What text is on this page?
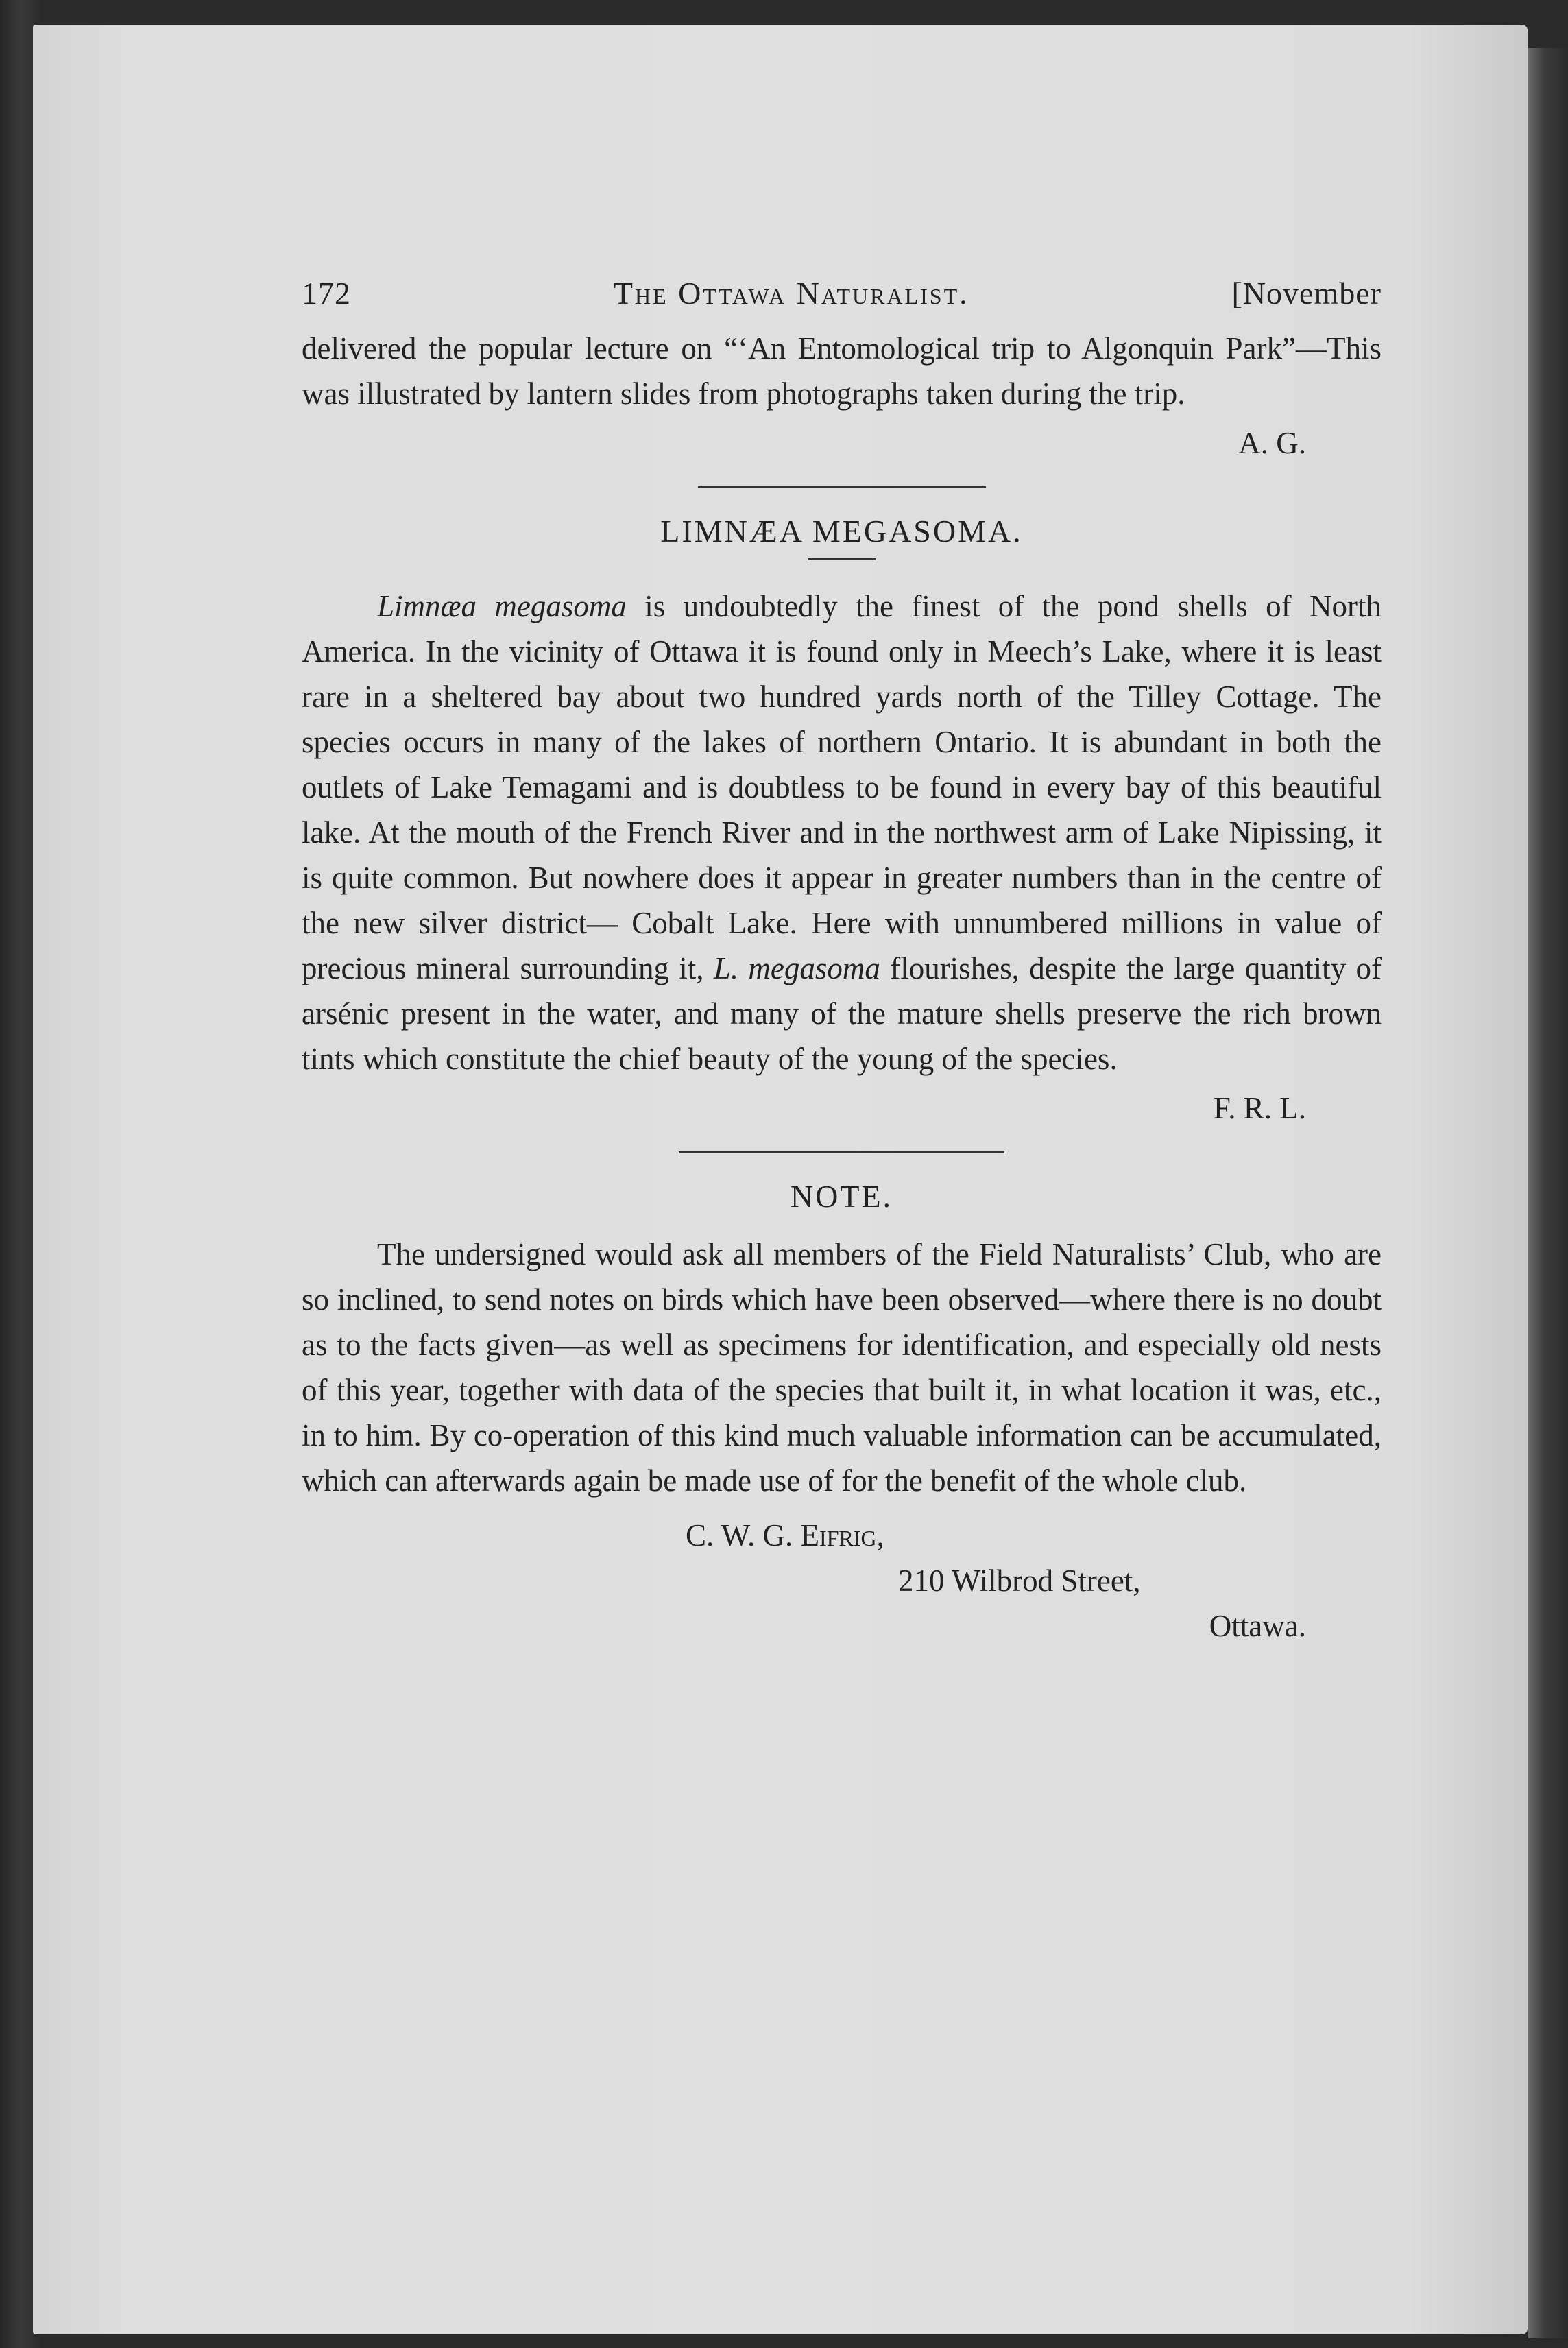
172	The Ottawa Naturalist.	[November

delivered the popular lecture on “‘An Entomological trip to Algonquin Park”—This was illustrated by lantern slides from photographs taken during the trip.

A. G.
LIMNÆA MEGASOMA.

Limnæa megasoma is undoubtedly the finest of the pond shells of North America. In the vicinity of Ottawa it is found only in Meech’s Lake, where it is least rare in a sheltered bay about two hundred yards north of the Tilley Cottage. The species occurs in many of the lakes of northern Ontario. It is abundant in both the outlets of Lake Temagami and is doubtless to be found in every bay of this beautiful lake. At the mouth of the French River and in the northwest arm of Lake Nipissing, it is quite common. But nowhere does it appear in greater numbers than in the centre of the new silver district— Cobalt Lake. Here with unnumbered millions in value of precious mineral surrounding it, L. megasoma flourishes, despite the large quantity of arsénic present in the water, and many of the mature shells preserve the rich brown tints which constitute the chief beauty of the young of the species.

F. R. L.
NOTE.

The undersigned would ask all members of the Field Naturalists’ Club, who are so inclined, to send notes on birds which have been observed—where there is no doubt as to the facts given—as well as specimens for identification, and especially old nests of this year, together with data of the species that built it, in what location it was, etc., in to him. By co-operation of this kind much valuable information can be accumulated, which can afterwards again be made use of for the benefit of the whole club.

C. W. G. Eifrig,
210 Wilbrod Street,
Ottawa.
